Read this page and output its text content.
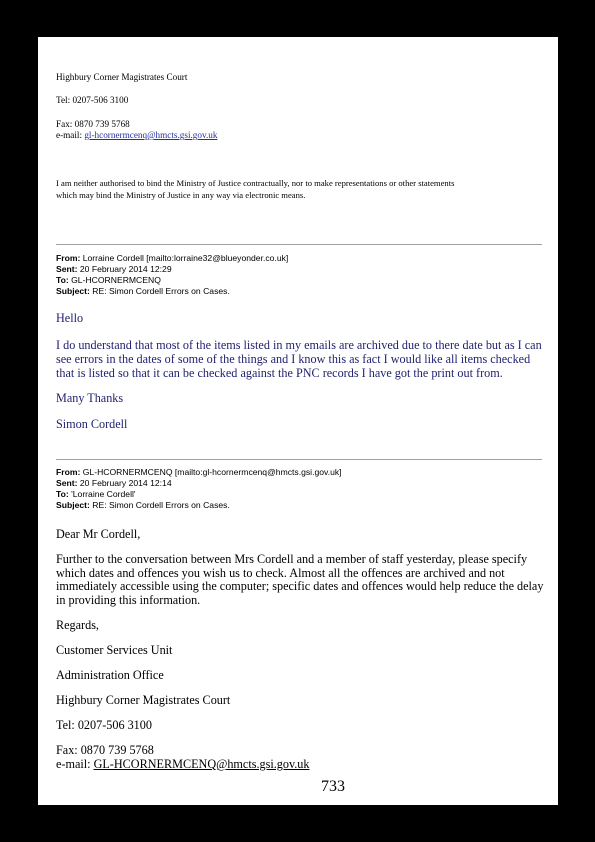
Highbury Corner Magistrates Court
Tel: 0207-506 3100
Fax: 0870 739 5768
e-mail: gl-hcornermcenq@hmcts.gsi.gov.uk
I am neither authorised to bind the Ministry of Justice contractually, nor to make representations or other statements
which may bind the Ministry of Justice in any way via electronic means.
From: Lorraine Cordell [mailto:lorraine32@blueyonder.co.uk]
Sent: 20 February 2014 12:29
To: GL-HCORNERMCENQ
Subject: RE: Simon Cordell Errors on Cases.
Hello
I do understand that most of the items listed in my emails are archived due to there date but as I can see errors in the dates of some of the things and I know this as fact I would like all items checked that is listed so that it can be checked against the PNC records I have got the print out from.
Many Thanks
Simon Cordell
From: GL-HCORNERMCENQ [mailto:gl-hcornermcenq@hmcts.gsi.gov.uk]
Sent: 20 February 2014 12:14
To: 'Lorraine Cordell'
Subject: RE: Simon Cordell Errors on Cases.
Dear Mr Cordell,
Further to the conversation between Mrs Cordell and a member of staff yesterday, please specify which dates and offences you wish us to check. Almost all the offences are archived and not immediately accessible using the computer; specific dates and offences would help reduce the delay in providing this information.
Regards,
Customer Services Unit
Administration Office
Highbury Corner Magistrates Court
Tel: 0207-506 3100
Fax: 0870 739 5768
e-mail: GL-HCORNERMCENQ@hmcts.gsi.gov.uk
733
